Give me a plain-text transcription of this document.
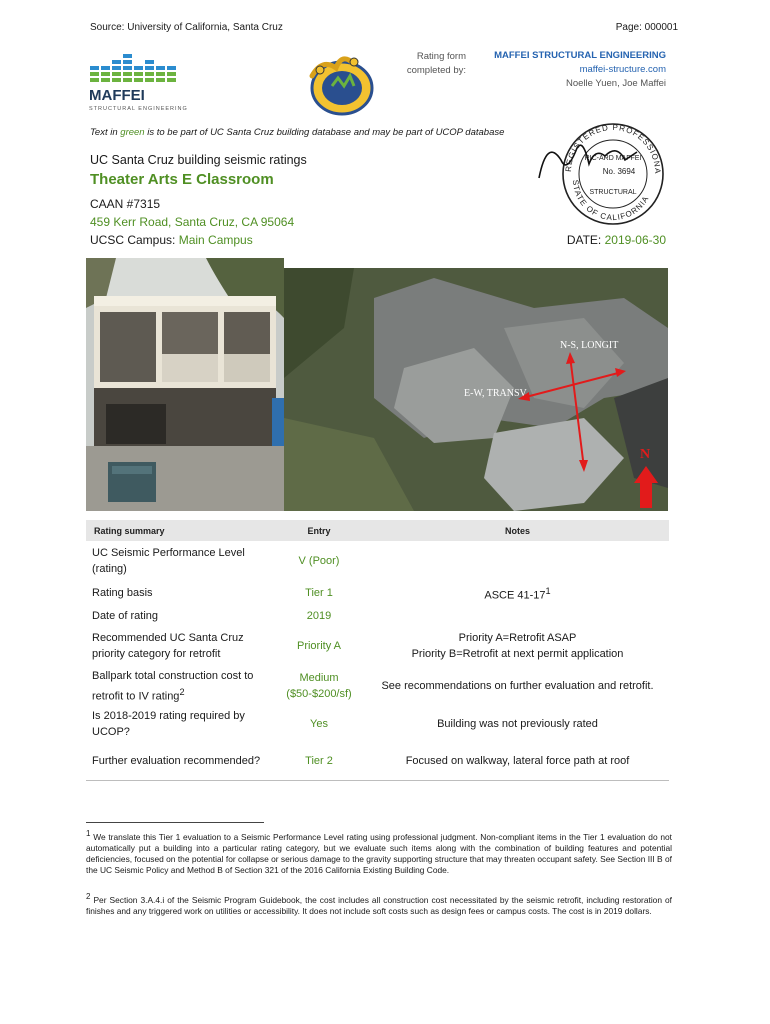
Source: University of California, Santa Cruz	Page: 000001
MAFFEI
STRUCTURAL ENGINEERING
Rating form
completed by:
MAFFEI STRUCTURAL ENGINEERING
maffei-structure.com
Noelle Yuen, Joe Maffei
Text in green is to be part of UC Santa Cruz building database and may be part of UCOP database
REGISTERED PROFESSIONA
STATE OF CALIFORNIA
RIC-ARD MAFFEI
No. 3694
STRUCTURAL
UC Santa Cruz building seismic ratings
Theater Arts E Classroom
CAAN #7315
459 Kerr Road, Santa Cruz, CA 95064
UCSC Campus: Main Campus	DATE: 2019-06-30
N-S, LONGIT
E-W, TRANSV
N
Rating summary	Entry	Notes
UC Seismic Performance Level (rating)	V (Poor)	
Rating basis	Tier 1	ASCE $41-17^1$
Date of rating	2019	
Recommended UC Santa Cruz priority category for retrofit	Priority A	Priority A=Retrofit ASAP
Priority B=Retrofit at next permit application

Ballpark total construction cost to retrofit to IV rating$^2$	Medium ($50-$200/sf)	See recommendations on further evaluation and retrofit.
Is 2018-2019 rating required by UCOP?	Yes	Building was not previously rated
Further evaluation recommended?	Tier 2	Focused on walkway, lateral force path at roof
$^1$ We translate this Tier 1 evaluation to a Seismic Performance Level rating using professional judgment. Non-compliant items in the Tier 1 evaluation do not automatically put a building into a particular rating category, but we evaluate such items along with the combination of building features and potential deficiencies, focused on the potential for collapse or serious damage to the gravity supporting structure that may threaten occupant safety. See Section III B of the UC Seismic Policy and Method B of Section 321 of the 2016 California Existing Building Code.
$^2$ Per Section 3.A.4.i of the Seismic Program Guidebook, the cost includes all construction cost necessitated by the seismic retrofit, including restoration of finishes and any triggered work on utilities or accessibility. It does not include soft costs such as design fees or campus costs. The cost is in 2019 dollars.
